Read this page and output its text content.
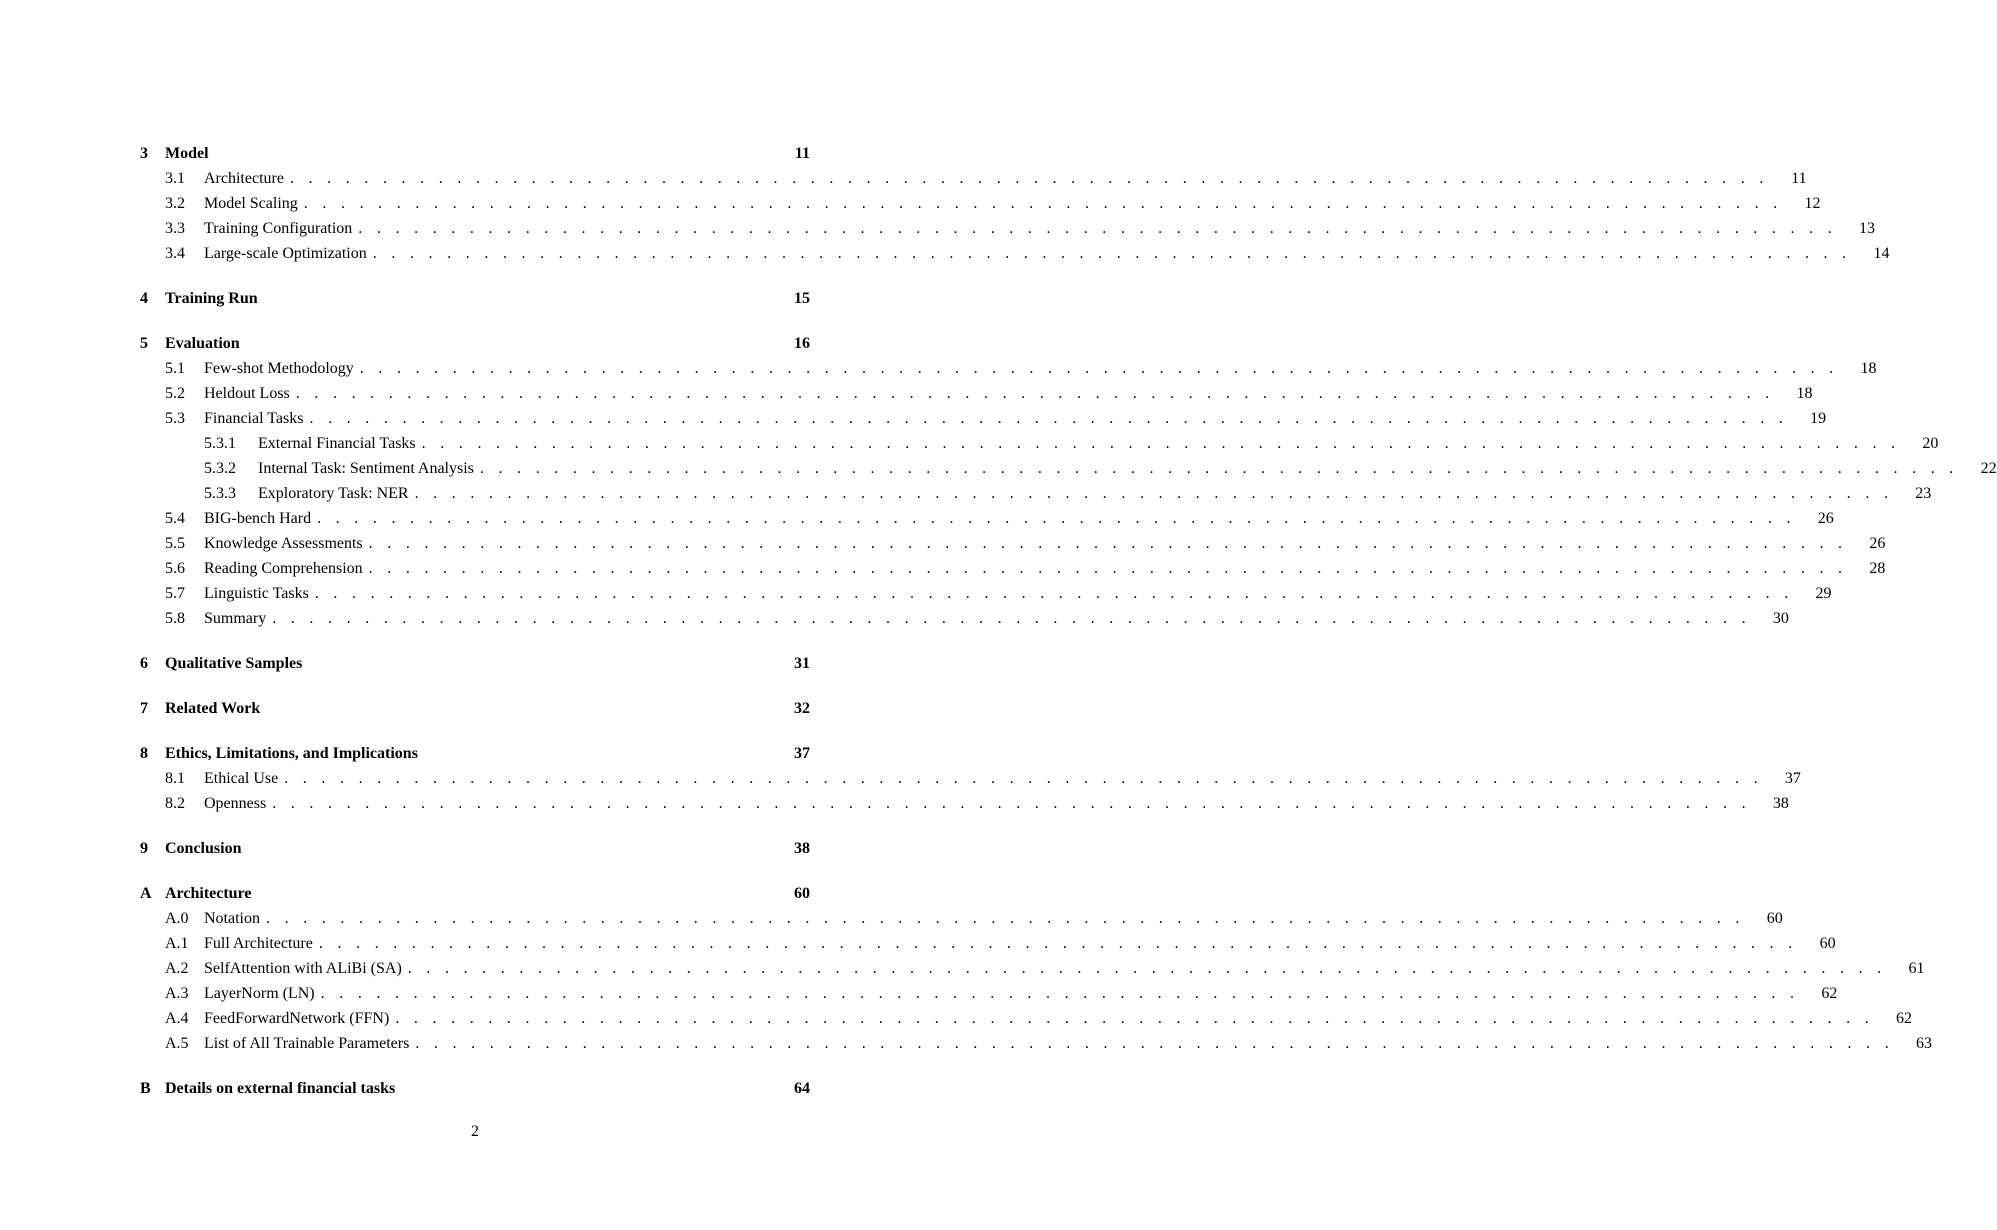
3	Model	11
3.1	Architecture . . . . . . . . . . . . . . . . . . . . . . . . . . . . . . . . . . . . . . . . . . . . . . . . . . . . . . . . . . . . . . . . . . . . . . . . . . . . . . . .	11
3.2	Model Scaling . . . . . . . . . . . . . . . . . . . . . . . . . . . . . . . . . . . . . . . . . . . . . . . . . . . . . . . . . . . . . . . . . . . . . . . . . . . . . . . .	12
3.3	Training Configuration . . . . . . . . . . . . . . . . . . . . . . . . . . . . . . . . . . . . . . . . . . . . . . . . . . . . . . . . . . . . . . . . . . . . . . . . . . . . . . . .	13
3.4	Large-scale Optimization . . . . . . . . . . . . . . . . . . . . . . . . . . . . . . . . . . . . . . . . . . . . . . . . . . . . . . . . . . . . . . . . . . . . . . . . . . . . . . . .	14
4	Training Run	15
5	Evaluation	16
5.1	Few-shot Methodology . . . . . . . . . . . . . . . . . . . . . . . . . . . . . . . . . . . . . . . . . . . . . . . . . . . . . . . . . . . . . . . . . . . . . . . . . . . . . . . .	18
5.2	Heldout Loss . . . . . . . . . . . . . . . . . . . . . . . . . . . . . . . . . . . . . . . . . . . . . . . . . . . . . . . . . . . . . . . . . . . . . . . . . . . . . . . .	18
5.3	Financial Tasks . . . . . . . . . . . . . . . . . . . . . . . . . . . . . . . . . . . . . . . . . . . . . . . . . . . . . . . . . . . . . . . . . . . . . . . . . . . . . . . .	19
5.3.1	External Financial Tasks . . . . . . . . . . . . . . . . . . . . . . . . . . . . . . . . . . . . . . . . . . . . . . . . . . . . . . . . . . . . . . . . . . . . . . . . . . . . . . . .	20
5.3.2	Internal Task: Sentiment Analysis . . . . . . . . . . . . . . . . . . . . . . . . . . . . . . . . . . . . . . . . . . . . . . . . . . . . . . . . . . . . . . . . . . . . . . . . . . . . . . . .	22
5.3.3	Exploratory Task: NER . . . . . . . . . . . . . . . . . . . . . . . . . . . . . . . . . . . . . . . . . . . . . . . . . . . . . . . . . . . . . . . . . . . . . . . . . . . . . . . .	23
5.4	BIG-bench Hard . . . . . . . . . . . . . . . . . . . . . . . . . . . . . . . . . . . . . . . . . . . . . . . . . . . . . . . . . . . . . . . . . . . . . . . . . . . . . . . .	26
5.5	Knowledge Assessments . . . . . . . . . . . . . . . . . . . . . . . . . . . . . . . . . . . . . . . . . . . . . . . . . . . . . . . . . . . . . . . . . . . . . . . . . . . . . . . .	26
5.6	Reading Comprehension . . . . . . . . . . . . . . . . . . . . . . . . . . . . . . . . . . . . . . . . . . . . . . . . . . . . . . . . . . . . . . . . . . . . . . . . . . . . . . . .	28
5.7	Linguistic Tasks . . . . . . . . . . . . . . . . . . . . . . . . . . . . . . . . . . . . . . . . . . . . . . . . . . . . . . . . . . . . . . . . . . . . . . . . . . . . . . . .	29
5.8	Summary . . . . . . . . . . . . . . . . . . . . . . . . . . . . . . . . . . . . . . . . . . . . . . . . . . . . . . . . . . . . . . . . . . . . . . . . . . . . . . . .	30
6	Qualitative Samples	31
7	Related Work	32
8	Ethics, Limitations, and Implications	37
8.1	Ethical Use . . . . . . . . . . . . . . . . . . . . . . . . . . . . . . . . . . . . . . . . . . . . . . . . . . . . . . . . . . . . . . . . . . . . . . . . . . . . . . . .	37
8.2	Openness . . . . . . . . . . . . . . . . . . . . . . . . . . . . . . . . . . . . . . . . . . . . . . . . . . . . . . . . . . . . . . . . . . . . . . . . . . . . . . . .	38
9	Conclusion	38
A Architecture	60
A.0 Notation . . . . . . . . . . . . . . . . . . . . . . . . . . . . . . . . . . . . . . . . . . . . . . . . . . . . . . . . . . . . . . . . . . . . . . . . . . . . . . . .	60
A.1 Full Architecture . . . . . . . . . . . . . . . . . . . . . . . . . . . . . . . . . . . . . . . . . . . . . . . . . . . . . . . . . . . . . . . . . . . . . . . . . . . . . . . .	60
A.2 SelfAttention with ALiBi (SA) . . . . . . . . . . . . . . . . . . . . . . . . . . . . . . . . . . . . . . . . . . . . . . . . . . . . . . . . . . . . . . . . . . . . . . . . . . . . . . . .	61
A.3 LayerNorm (LN) . . . . . . . . . . . . . . . . . . . . . . . . . . . . . . . . . . . . . . . . . . . . . . . . . . . . . . . . . . . . . . . . . . . . . . . . . . . . . . . .	62
A.4 FeedForwardNetwork (FFN) . . . . . . . . . . . . . . . . . . . . . . . . . . . . . . . . . . . . . . . . . . . . . . . . . . . . . . . . . . . . . . . . . . . . . . . . . . . . . . . .	62
A.5 List of All Trainable Parameters . . . . . . . . . . . . . . . . . . . . . . . . . . . . . . . . . . . . . . . . . . . . . . . . . . . . . . . . . . . . . . . . . . . . . . . . . . . . . . . .	63
B Details on external financial tasks	64
2
